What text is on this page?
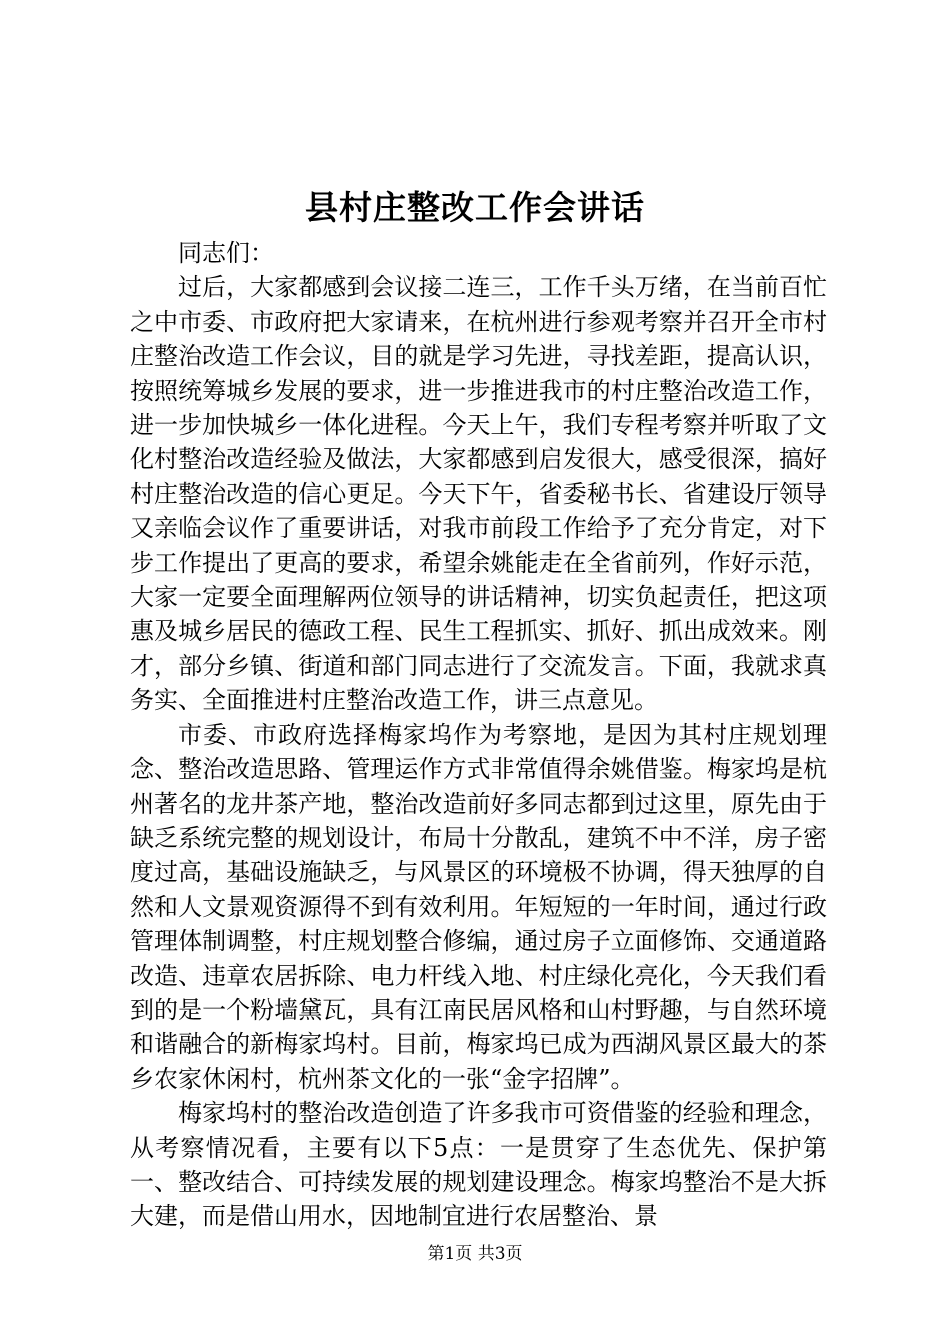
县村庄整改工作会讲话

同志们：

过后，大家都感到会议接二连三，工作千头万绪，在当前百忙之中市委、市政府把大家请来，在杭州进行参观考察并召开全市村庄整治改造工作会议，目的就是学习先进，寻找差距，提高认识，按照统筹城乡发展的要求，进一步推进我市的村庄整治改造工作，进一步加快城乡一体化进程。今天上午，我们专程考察并听取了文化村整治改造经验及做法，大家都感到启发很大，感受很深，搞好村庄整治改造的信心更足。今天下午，省委秘书长、省建设厅领导又亲临会议作了重要讲话，对我市前段工作给予了充分肯定，对下步工作提出了更高的要求，希望余姚能走在全省前列，作好示范，大家一定要全面理解两位领导的讲话精神，切实负起责任，把这项惠及城乡居民的德政工程、民生工程抓实、抓好、抓出成效来。刚才，部分乡镇、街道和部门同志进行了交流发言。下面，我就求真务实、全面推进村庄整治改造工作，讲三点意见。

市委、市政府选择梅家坞作为考察地，是因为其村庄规划理念、整治改造思路、管理运作方式非常值得余姚借鉴。梅家坞是杭州著名的龙井茶产地，整治改造前好多同志都到过这里，原先由于缺乏系统完整的规划设计，布局十分散乱，建筑不中不洋，房子密度过高，基础设施缺乏，与风景区的环境极不协调，得天独厚的自然和人文景观资源得不到有效利用。年短短的一年时间，通过行政管理体制调整，村庄规划整合修编，通过房子立面修饰、交通道路改造、违章农居拆除、电力杆线入地、村庄绿化亮化，今天我们看到的是一个粉墙黛瓦，具有江南民居风格和山村野趣，与自然环境和谐融合的新梅家坞村。目前，梅家坞已成为西湖风景区最大的茶乡农家休闲村，杭州茶文化的一张“金字招牌”。

梅家坞村的整治改造创造了许多我市可资借鉴的经验和理念，从考察情况看，主要有以下5点：一是贯穿了生态优先、保护第一、整改结合、可持续发展的规划建设理念。梅家坞整治不是大拆大建，而是借山用水，因地制宜进行农居整治、景

第1页 共3页
